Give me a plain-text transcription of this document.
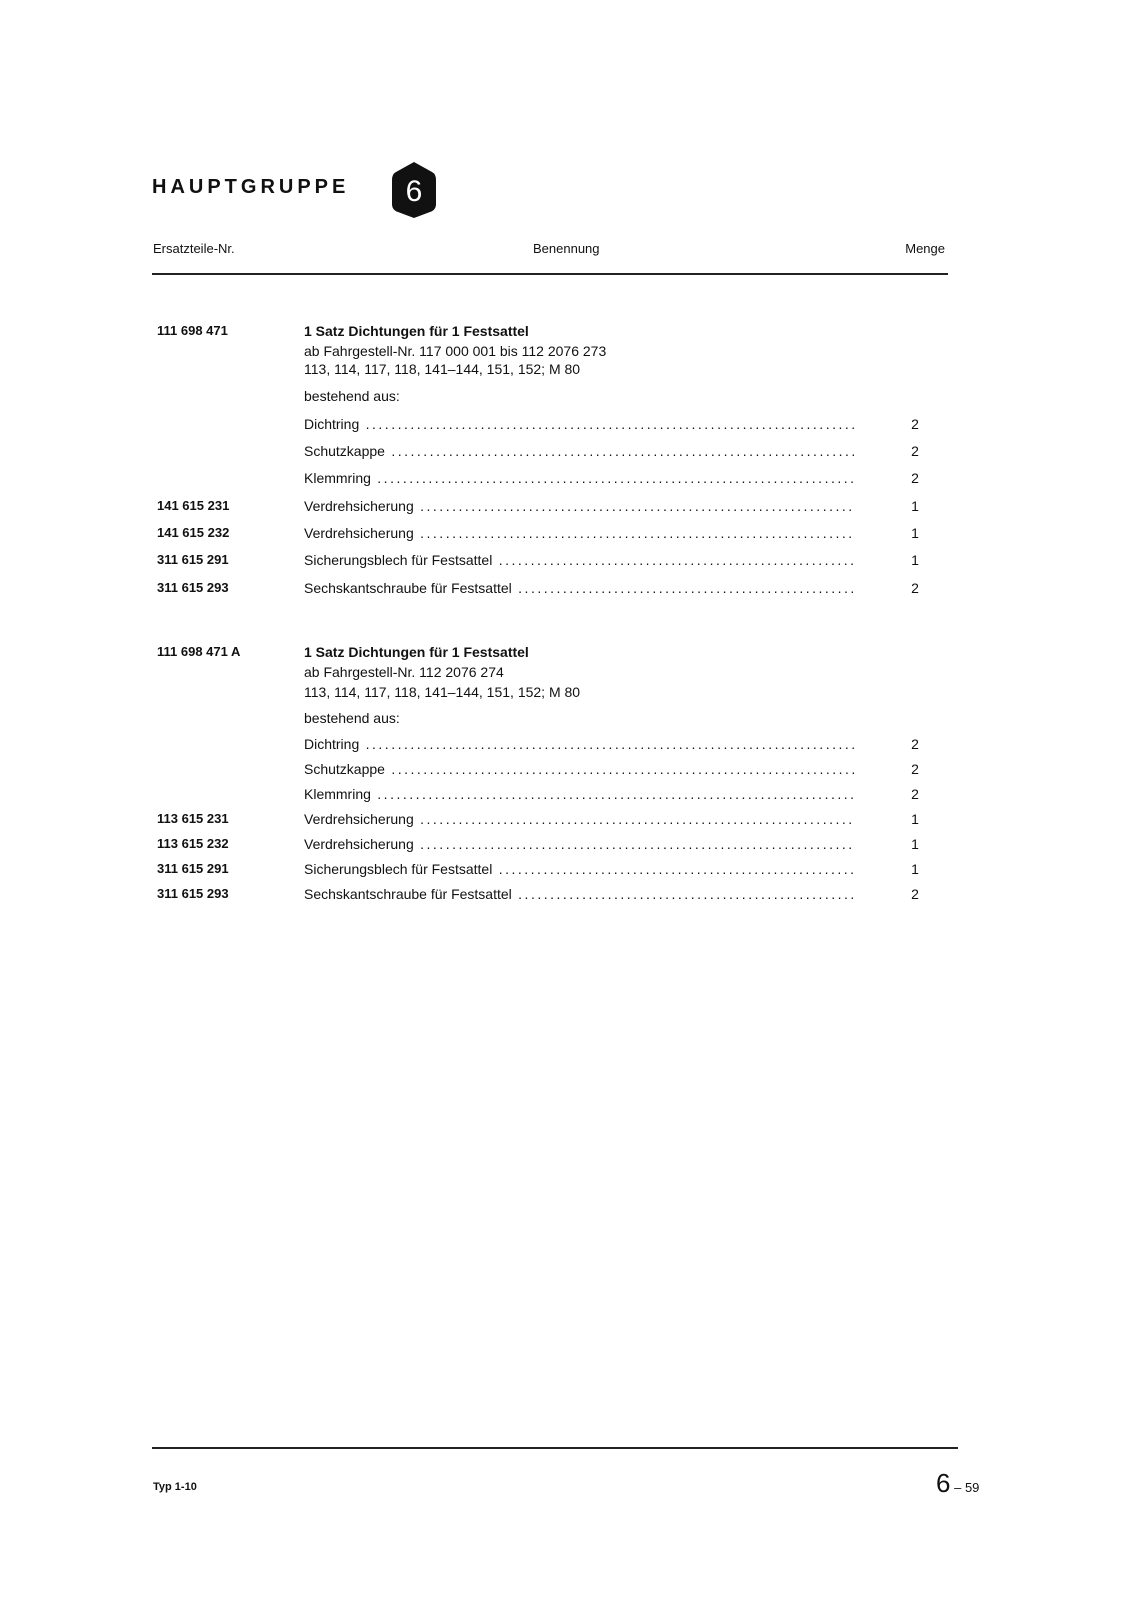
HAUPTGRUPPE 6
Ersatzteile-Nr.	Benennung	Menge
111 698 471	1 Satz Dichtungen für 1 Festsattel
ab Fahrgestell-Nr. 117 000 001 bis 112 2076 273
113, 114, 117, 118, 141–144, 151, 152; M 80
bestehend aus:
Dichtring .....	2
Schutzkappe .....	2
Klemmring .....	2
141 615 231	Verdrehsicherung .....	1
141 615 232	Verdrehsicherung .....	1
311 615 291	Sicherungsblech für Festsattel .....	1
311 615 293	Sechskantschraube für Festsattel .....	2
111 698 471 A	1 Satz Dichtungen für 1 Festsattel
ab Fahrgestell-Nr. 112 2076 274
113, 114, 117, 118, 141–144, 151, 152; M 80
bestehend aus:
Dichtring .....	2
Schutzkappe .....	2
Klemmring .....	2
113 615 231	Verdrehsicherung .....	1
113 615 232	Verdrehsicherung .....	1
311 615 291	Sicherungsblech für Festsattel .....	1
311 615 293	Sechskantschraube für Festsattel .....	2
Typ 1-10	6 – 59
